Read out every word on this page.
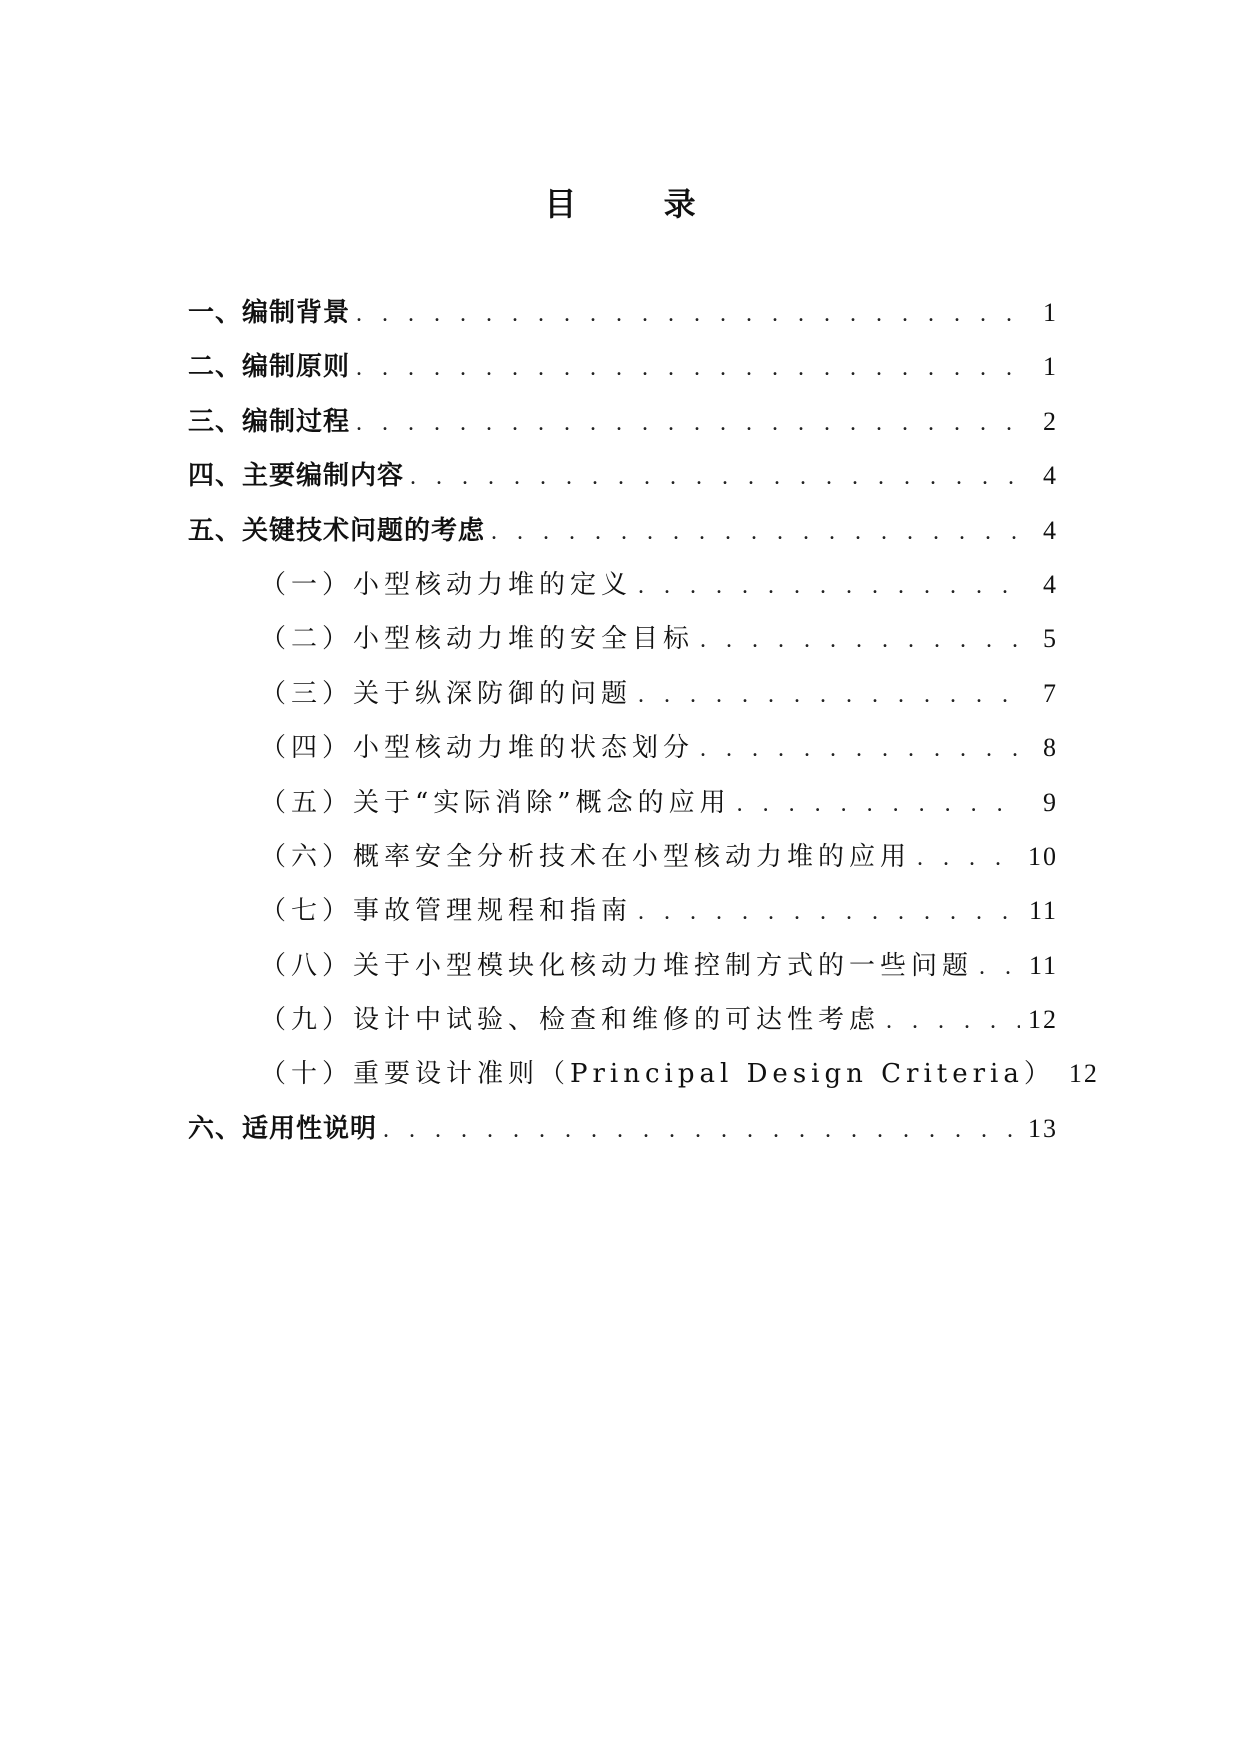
目 录
一、编制背景 . . .	1
二、编制原则 . . .	1
三、编制过程 . . .	2
四、主要编制内容 . . .	4
五、关键技术问题的考虑 . . .	4
（一）小型核动力堆的定义 . . .	4
（二）小型核动力堆的安全目标 . . .	5
（三）关于纵深防御的问题 . . .	7
（四）小型核动力堆的状态划分 . . .	8
（五）关于“实际消除”概念的应用 . . .	9
（六）概率安全分析技术在小型核动力堆的应用 . . .	10
（七）事故管理规程和指南 . . .	11
（八）关于小型模块化核动力堆控制方式的一些问题 . . . 11
（九）设计中试验、检查和维修的可达性考虑 . . .	12
（十）重要设计准则（Principal Design Criteria） 12
六、适用性说明 . . .	13
